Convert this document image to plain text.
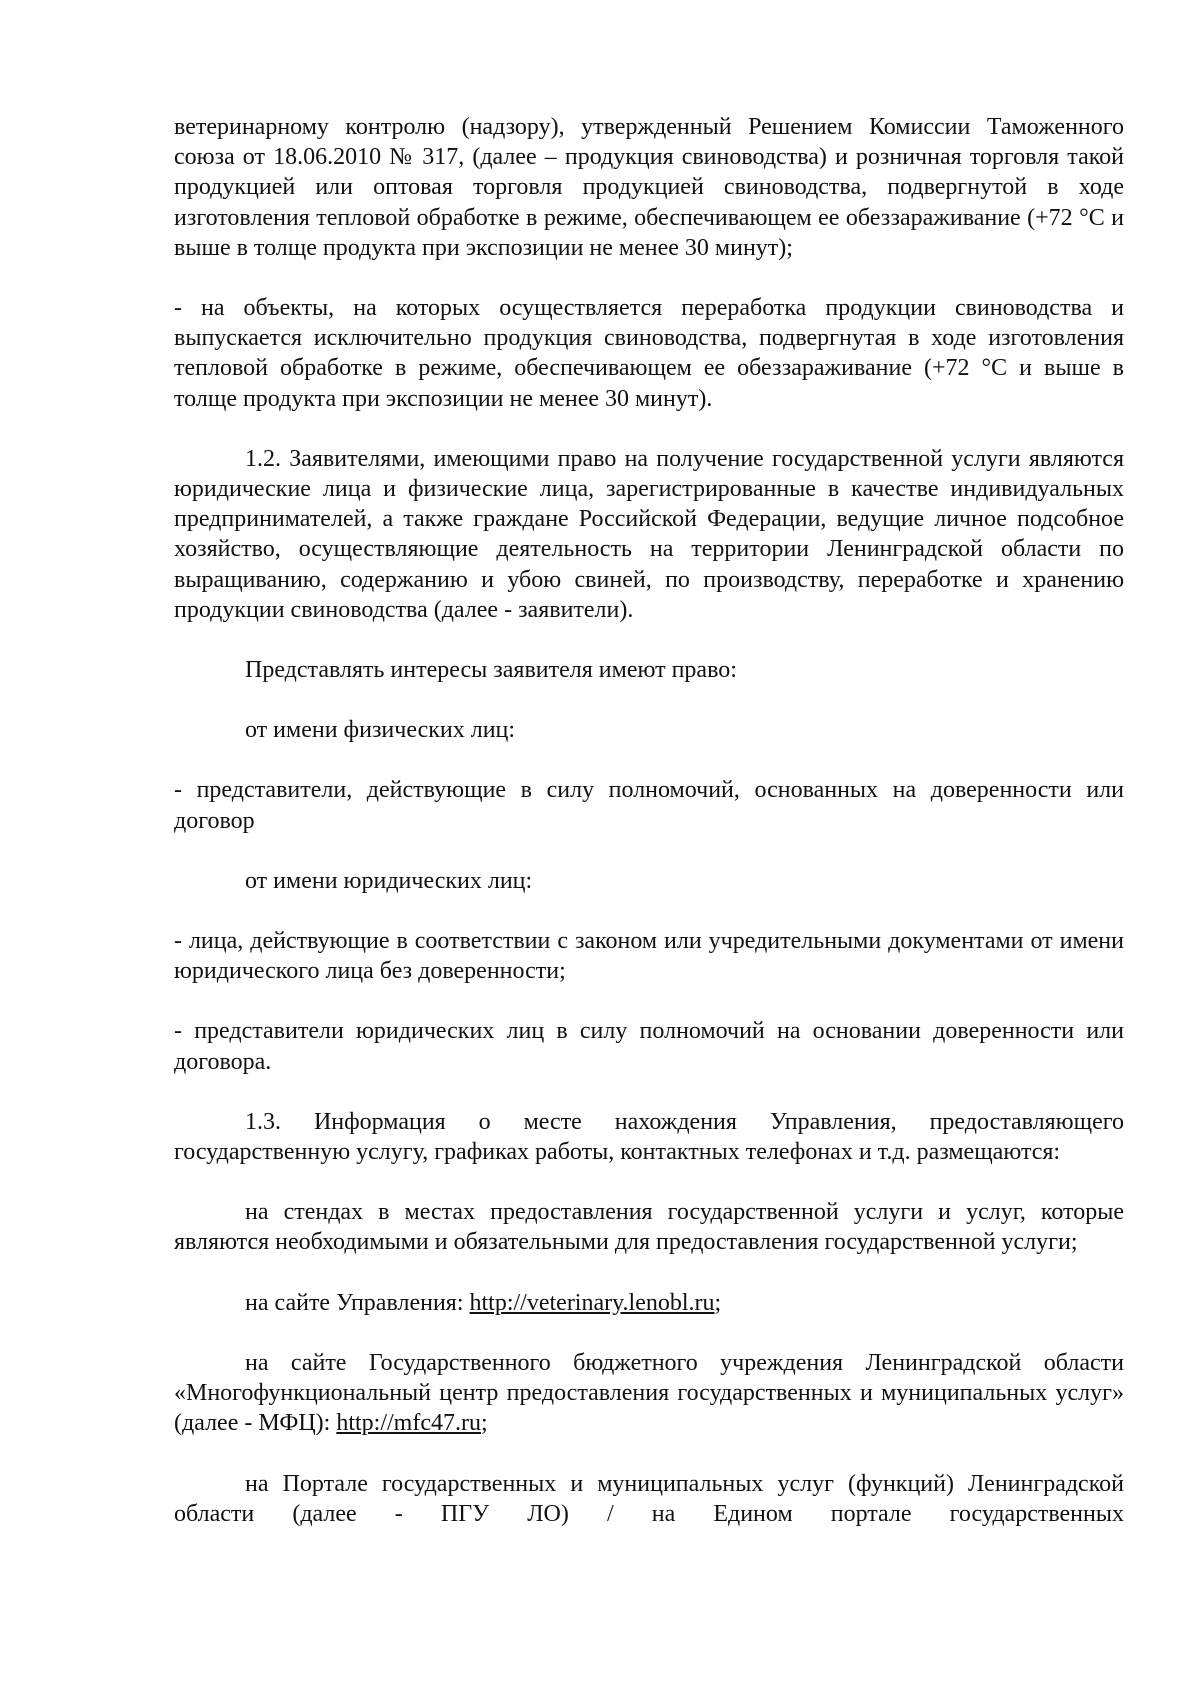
ветеринарному контролю (надзору), утвержденный Решением Комиссии Таможенного союза от 18.06.2010 № 317, (далее – продукция свиноводства) и розничная торговля такой продукцией или оптовая торговля продукцией свиноводства, подвергнутой в ходе изготовления тепловой обработке в режиме, обеспечивающем ее обеззараживание (+72 °С и выше в толще продукта при экспозиции не менее 30 минут);

- на объекты, на которых осуществляется переработка продукции свиноводства и выпускается исключительно продукция свиноводства, подвергнутая в ходе изготовления тепловой обработке в режиме, обеспечивающем ее обеззараживание (+72 °С и выше в толще продукта при экспозиции не менее 30 минут).

1.2. Заявителями, имеющими право на получение государственной услуги являются юридические лица и физические лица, зарегистрированные в качестве индивидуальных предпринимателей, а также граждане Российской Федерации, ведущие личное подсобное хозяйство, осуществляющие деятельность на территории Ленинградской области по выращиванию, содержанию и убою свиней, по производству, переработке и хранению продукции свиноводства (далее - заявители).

Представлять интересы заявителя имеют право:

от имени физических лиц:

- представители, действующие в силу полномочий, основанных на доверенности или договор

от имени юридических лиц:

- лица, действующие в соответствии с законом или учредительными документами от имени юридического лица без доверенности;

- представители юридических лиц в силу полномочий на основании доверенности или договора.

1.3. Информация о месте нахождения Управления, предоставляющего государственную услугу, графиках работы, контактных телефонах и т.д. размещаются:

на стендах в местах предоставления государственной услуги и услуг, которые являются необходимыми и обязательными для предоставления государственной услуги;

на сайте Управления: http://veterinary.lenobl.ru;

на сайте Государственного бюджетного учреждения Ленинградской области «Многофункциональный центр предоставления государственных и муниципальных услуг» (далее - МФЦ): http://mfc47.ru;

на Портале государственных и муниципальных услуг (функций) Ленинградской области (далее - ПГУ ЛО) / на Едином портале государственных
